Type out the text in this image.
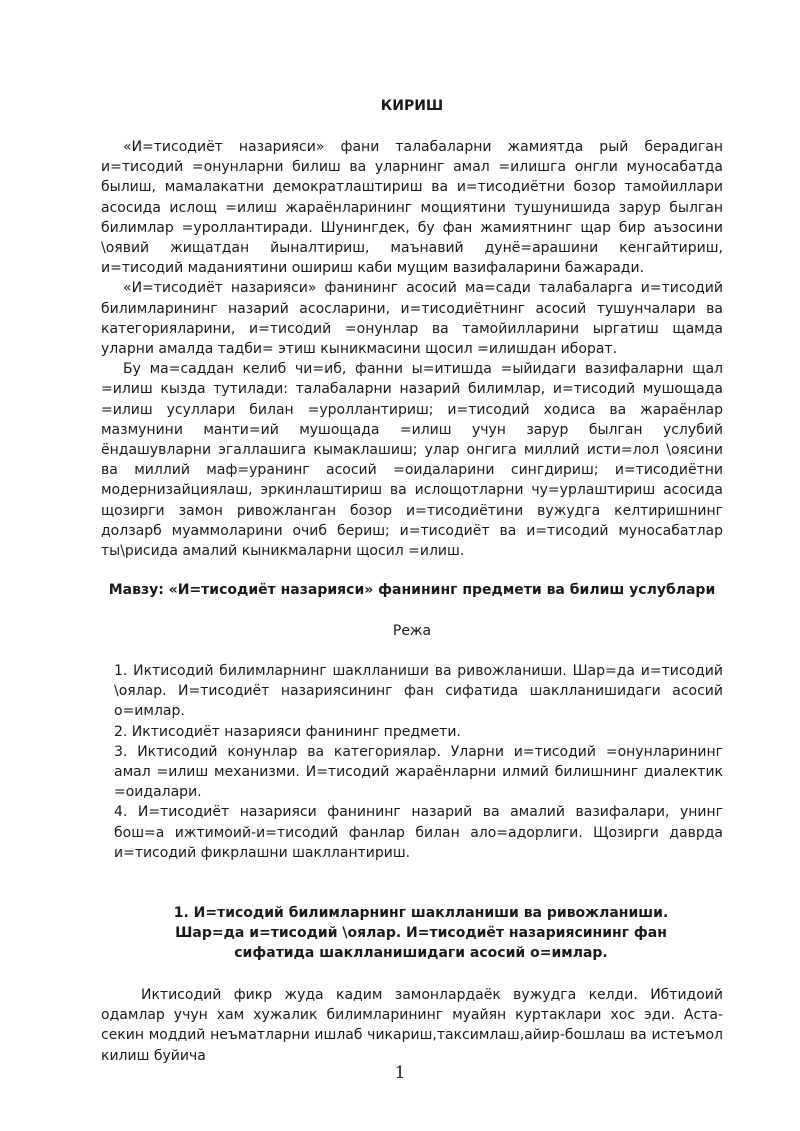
КИРИШ

«И=тисодиёт назарияси» фани талабаларни жамиятда рый берадиган и=тисодий =онунларни билиш ва уларнинг амал =илишга онгли муносабатда былиш, мамалакатни демократлаштириш ва и=тисодиётни бозор тамойиллари асосида ислощ =илиш жараёнларининг мощиятини тушунишида зарур былган билимлар =уроллантиради. Шунингдек, бу фан жамиятнинг щар бир аъзосини \оявий жищатдан йыналтириш, маънавий дунё=арашини кенгайтириш, и=тисодий маданиятини ошириш каби мущим вазифаларини бажаради.

«И=тисодиёт назарияси» фанининг асосий ма=сади талабаларга и=тисодий билимларининг назарий асосларини, и=тисодиётнинг асосий тушунчалари ва категорияларини, и=тисодий =онунлар ва тамойилларини ыргатиш щамда уларни амалда тадби= этиш кыникмасини щосил =илишдан иборат.

Бу ма=саддан келиб чи=иб, фанни ы=итишда =ыйидаги вазифаларни щал =илиш кызда тутилади: талабаларни назарий билимлар, и=тисодий мушощада =илиш усуллари билан =уроллантириш; и=тисодий ходиса ва жараёнлар мазмунини манти=ий мушощада =илиш учун зарур былган услубий ёндашувларни эгаллашига кымаклашиш; улар онгига миллий исти=лол \оясини ва миллий маф=уранинг асосий =оидаларини сингдириш; и=тисодиётни модернизайциялаш, эркинлаштириш ва ислощотларни чу=урлаштириш асосида щозирги замон ривожланган бозор и=тисодиётини вужудга келтиришнинг долзарб муаммоларини очиб бериш; и=тисодиёт ва и=тисодий муносабатлар ты\рисида амалий кыникмаларни щосил =илиш.

Мавзу: «И=тисодиёт назарияси» фанининг предмети ва билиш услублари
Режа

1. Иктисодий билимларнинг шаклланиши ва ривожланиши. Шар=да и=тисодий \оялар. И=тисодиёт назариясининг фан сифатида шаклланишидаги асосий о=имлар.

2. Иктисодиёт назарияси фанининг предмети.

3. Иктисодий конунлар ва категориялар. Уларни и=тисодий =онунларининг амал =илиш механизми. И=тисодий жараёнларни илмий билишнинг диалектик =оидалари.

4. И=тисодиёт назарияси фанининг назарий ва амалий вазифалари, унинг бош=а ижтимоий-и=тисодий фанлар билан ало=адорлиги. Щозирги даврда и=тисодий фикрлашни шакллантириш.

1. И=тисодий билимларнинг шаклланиши ва ривожланиши. Шар=да и=тисодий \оялар. И=тисодиёт назариясининг фан сифатида шаклланишидаги асосий о=имлар.

Иктисодий фикр жуда кадим замонлардаёк вужудга келди. Ибтидоий одамлар учун хам хужалик билимларининг муайян куртаклари хос эди. Аста-секин моддий неъматларни ишлаб чикариш,таксимлаш,айир-бошлаш ва истеъмол килиш буйича

1
